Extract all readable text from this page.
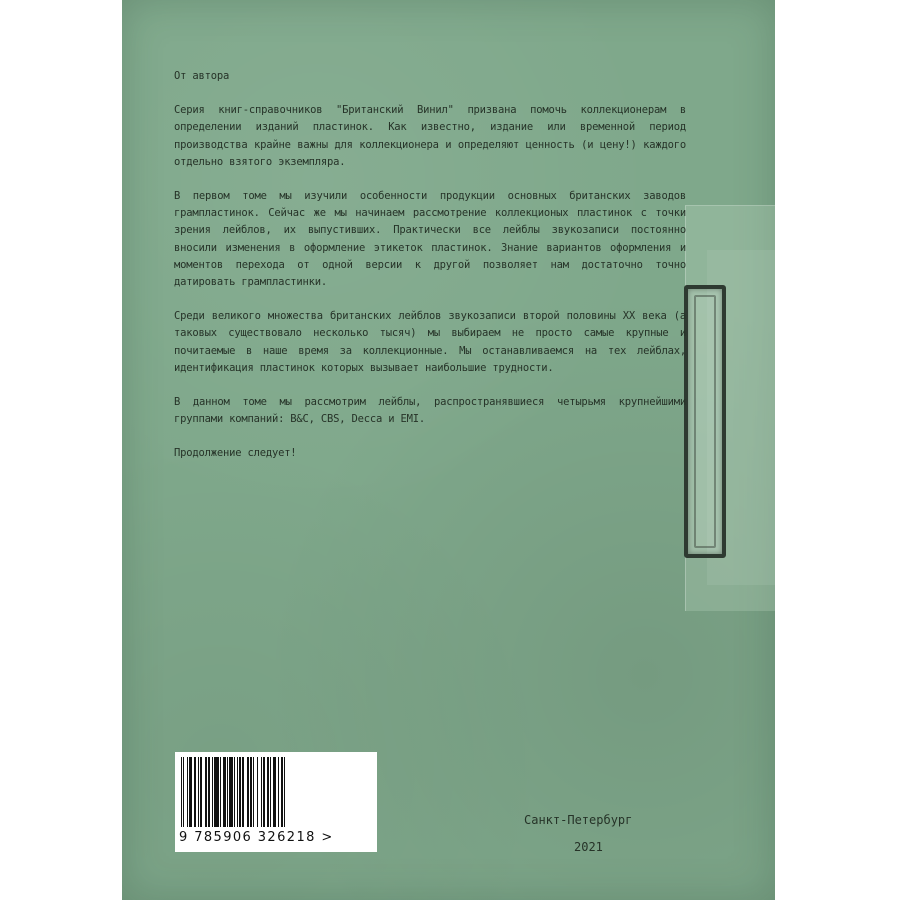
От автора

Серия книг-справочников "Британский Винил" призвана помочь коллекционерам в определении изданий пластинок. Как известно, издание или временной период производства крайне важны для коллекционера и определяют ценность (и цену!) каждого отдельно взятого экземпляра.

В первом томе мы изучили особенности продукции основных британских заводов грампластинок. Сейчас же мы начинаем рассмотрение коллекционых пластинок с точки зрения лейблов, их выпустивших. Практически все лейблы звукозаписи постоянно вносили изменения в оформление этикеток пластинок. Знание вариантов оформления и моментов перехода от одной версии к другой позволяет нам достаточно точно датировать грампластинки.

Среди великого множества британских лейблов звукозаписи второй половины XX века (а таковых существовало несколько тысяч) мы выбираем не просто самые крупные и почитаемые в наше время за коллекционные. Мы останавливаемся на тех лейблах, идентификация пластинок которых вызывает наибольшие трудности.

В данном томе мы рассмотрим лейблы, распространявшиеся четырьмя крупнейшими группами компаний: B&C, CBS, Decca и EMI.

Продолжение следует!

9 785906 326218 >
Санкт-Петербург
2021
